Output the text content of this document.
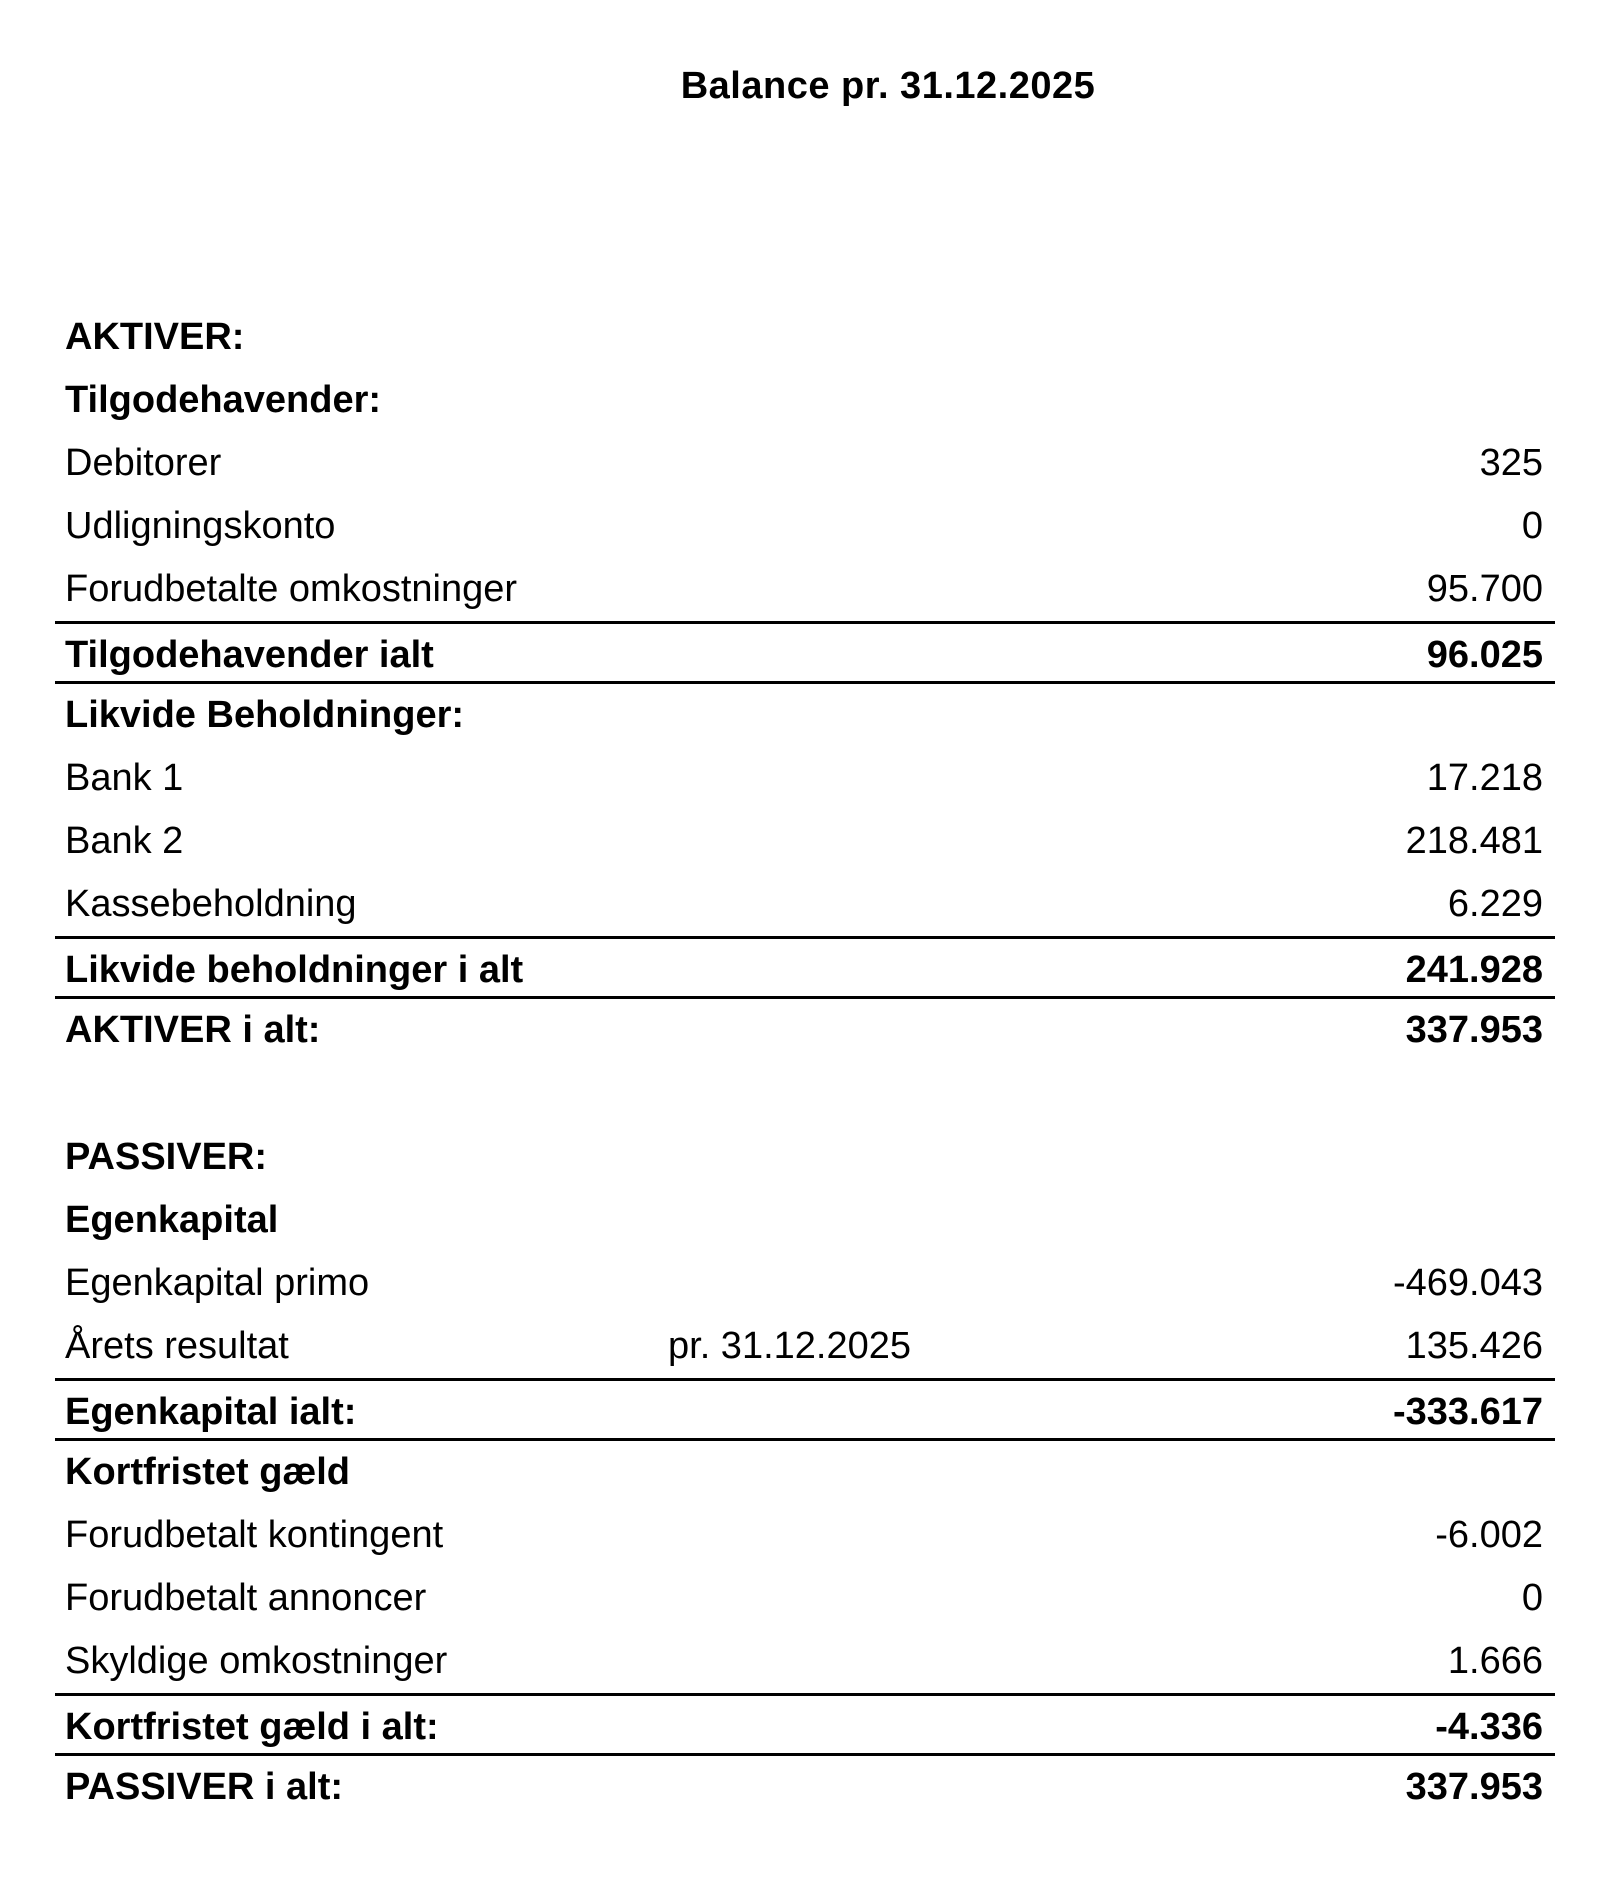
Balance pr. 31.12.2025
AKTIVER:
Tilgodehavender:
Debitorer	325
Udligningskonto	0
Forudbetalte omkostninger	95.700
Tilgodehavender ialt	96.025
Likvide Beholdninger:
Bank 1	17.218
Bank 2	218.481
Kassebeholdning	6.229
Likvide beholdninger i alt	241.928
AKTIVER i alt:	337.953
PASSIVER:
Egenkapital
Egenkapital primo	-469.043
Årets resultat	pr. 31.12.2025	135.426
Egenkapital ialt:	-333.617
Kortfristet gæld
Forudbetalt kontingent	-6.002
Forudbetalt annoncer	0
Skyldige omkostninger	1.666
Kortfristet gæld i alt:	-4.336
PASSIVER i alt:	337.953
